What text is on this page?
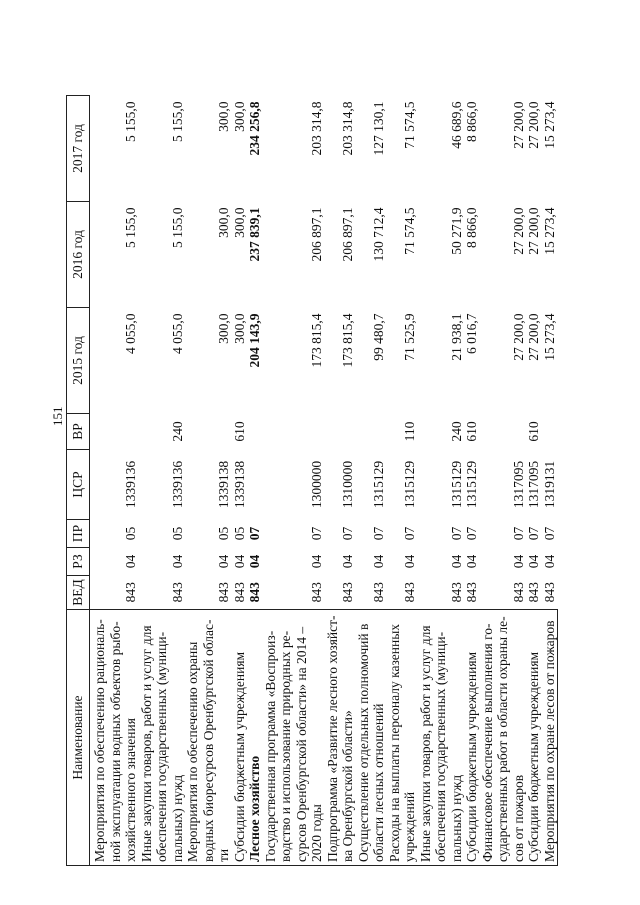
151
Наименование	ВЕД	РЗ	ПР	ЦСР	ВР	2015 год	2016 год	2017 год
Мероприятия по обеспечению рациональ-
ной эксплуатации водных объектов рыбо-
хозяйственного значения	843	04	05	1339136		4 055,0	5 155,0	5 155,0
Иные закупки товаров, работ и услуг для
обеспечения государственных (муници-
пальных) нужд	843	04	05	1339136	240	4 055,0	5 155,0	5 155,0
Мероприятия по обеспечению охраны
водных биоресурсов Оренбургской облас-
ти	843	04	05	1339138		300,0	300,0	300,0
Субсидии бюджетным учреждениям	843	04	05	1339138	610	300,0	300,0	300,0
Лесное хозяйство	843	04	07			204 143,9	237 839,1	234 256,8
Государственная программа «Воспроиз-
водство и использование природных ре-
сурсов Оренбургской области» на 2014 –
2020 годы	843	04	07	1300000		173 815,4	206 897,1	203 314,8
Подпрограмма «Развитие лесного хозяйст-
ва Оренбургской области»	843	04	07	1310000		173 815,4	206 897,1	203 314,8
Осуществление отдельных полномочий в
области лесных отношений	843	04	07	1315129		99 480,7	130 712,4	127 130,1
Расходы на выплаты персоналу казенных
учреждений	843	04	07	1315129	110	71 525,9	71 574,5	71 574,5
Иные закупки товаров, работ и услуг для
обеспечения государственных (муници-
пальных) нужд	843	04	07	1315129	240	21 938,1	50 271,9	46 689,6
Субсидии бюджетным учреждениям	843	04	07	1315129	610	6 016,7	8 866,0	8 866,0
Финансовое обеспечение выполнения го-
сударственных работ в области охраны ле-
сов от пожаров	843	04	07	1317095		27 200,0	27 200,0	27 200,0
Субсидии бюджетным учреждениям	843	04	07	1317095	610	27 200,0	27 200,0	27 200,0
Мероприятия по охране лесов от пожаров	843	04	07	1319131		15 273,4	15 273,4	15 273,4
